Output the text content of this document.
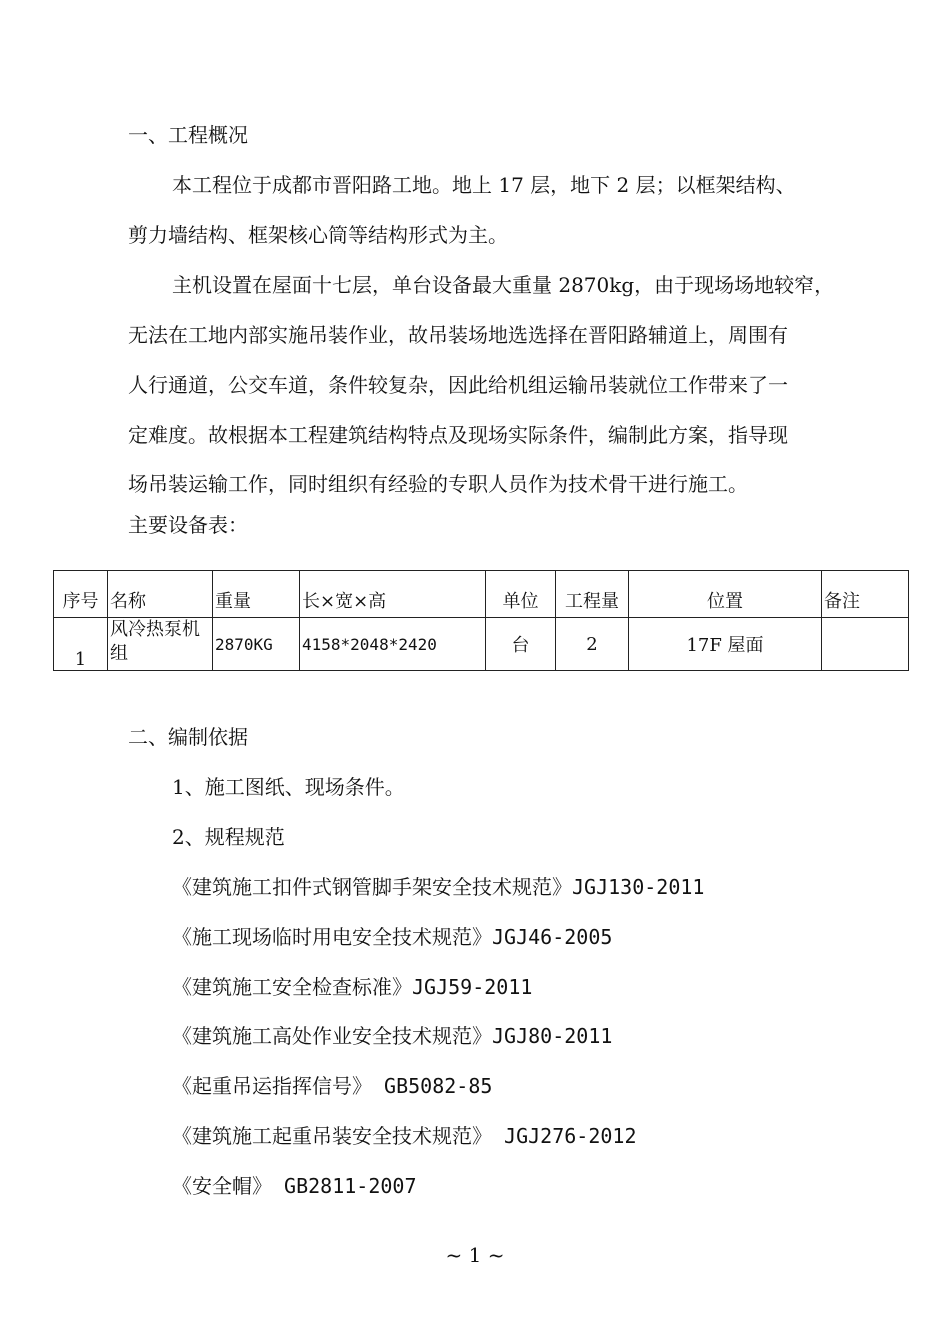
一、工程概况
本工程位于成都市晋阳路工地。地上 17 层，地下 2 层；以框架结构、
剪力墙结构、框架核心筒等结构形式为主。
主机设置在屋面十七层，单台设备最大重量 2870kg，由于现场场地较窄，
无法在工地内部实施吊装作业，故吊装场地选选择在晋阳路辅道上，周围有
人行通道，公交车道，条件较复杂，因此给机组运输吊装就位工作带来了一
定难度。故根据本工程建筑结构特点及现场实际条件，编制此方案，指导现
场吊装运输工作，同时组织有经验的专职人员作为技术骨干进行施工。
主要设备表：
序号	名称	重量	长×宽×高	单位	工程量	位置	备注
1	风冷热泵机组	2870KG	4158*2048*2420	台	2	17F 屋面	
二、编制依据
1、施工图纸、现场条件。
2、规程规范
《建筑施工扣件式钢管脚手架安全技术规范》JGJ130-2011
《施工现场临时用电安全技术规范》JGJ46-2005
《建筑施工安全检查标准》JGJ59-2011
《建筑施工高处作业安全技术规范》JGJ80-2011
《起重吊运指挥信号》 GB5082-85
《建筑施工起重吊装安全技术规范》 JGJ276-2012
《安全帽》 GB2811-2007
~ 1 ~
